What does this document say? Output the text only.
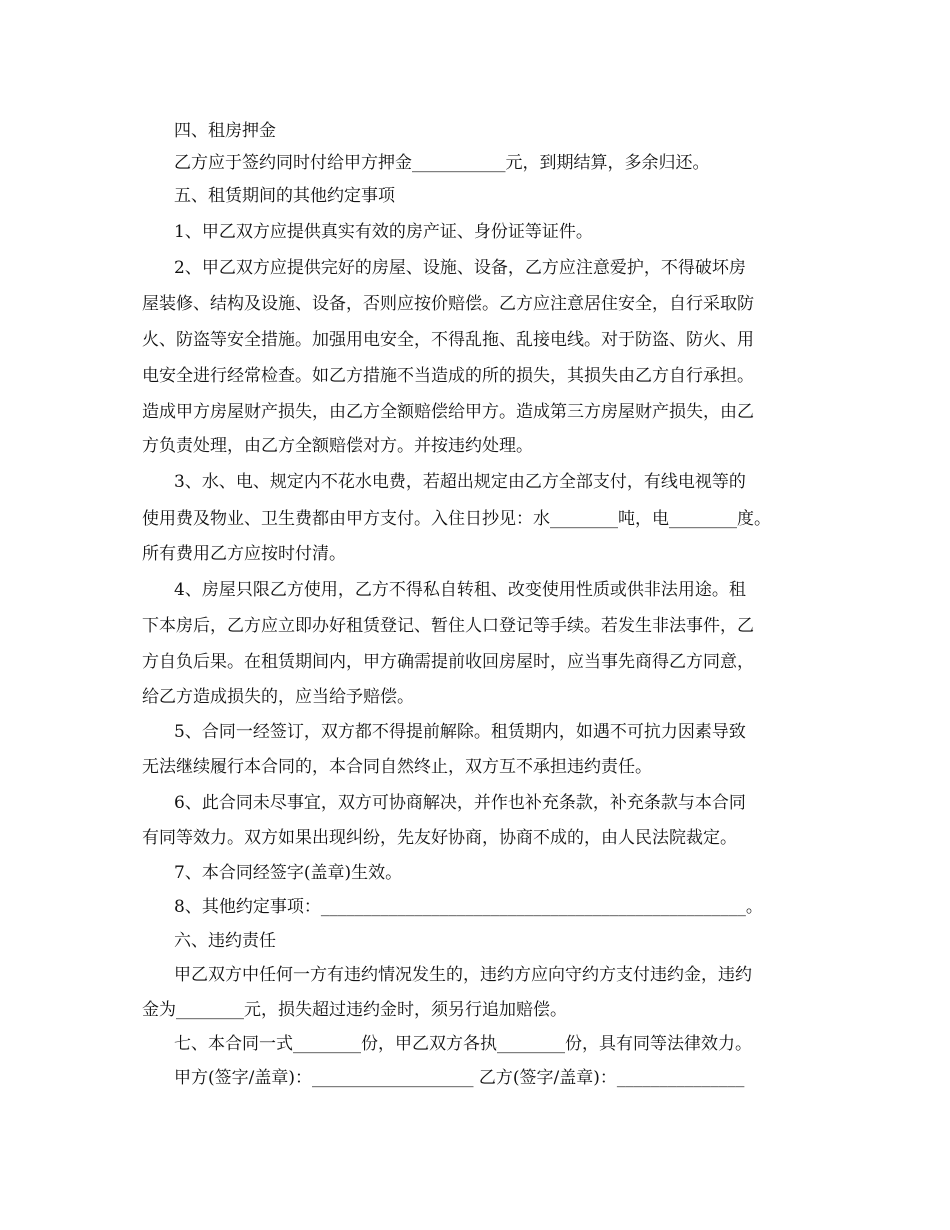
四、租房押金
乙方应于签约同时付给甲方押金___________元，到期结算，多余归还。
五、租赁期间的其他约定事项
1、甲乙双方应提供真实有效的房产证、身份证等证件。
2、甲乙双方应提供完好的房屋、设施、设备，乙方应注意爱护，不得破坏房
屋装修、结构及设施、设备，否则应按价赔偿。乙方应注意居住安全，自行采取防
火、防盗等安全措施。加强用电安全，不得乱拖、乱接电线。对于防盗、防火、用
电安全进行经常检查。如乙方措施不当造成的所的损失，其损失由乙方自行承担。
造成甲方房屋财产损失，由乙方全额赔偿给甲方。造成第三方房屋财产损失，由乙
方负责处理，由乙方全额赔偿对方。并按违约处理。
3、水、电、规定内不花水电费，若超出规定由乙方全部支付，有线电视等的
使用费及物业、卫生费都由甲方支付。入住日抄见：水________吨，电________度。
所有费用乙方应按时付清。
4、房屋只限乙方使用，乙方不得私自转租、改变使用性质或供非法用途。租
下本房后，乙方应立即办好租赁登记、暂住人口登记等手续。若发生非法事件，乙
方自负后果。在租赁期间内，甲方确需提前收回房屋时，应当事先商得乙方同意，
给乙方造成损失的，应当给予赔偿。
5、合同一经签订，双方都不得提前解除。租赁期内，如遇不可抗力因素导致
无法继续履行本合同的，本合同自然终止，双方互不承担违约责任。
6、此合同未尽事宜，双方可协商解决，并作也补充条款，补充条款与本合同
有同等效力。双方如果出现纠纷，先友好协商，协商不成的，由人民法院裁定。
7、本合同经签字(盖章)生效。
8、其他约定事项：__________________________________________________。
六、违约责任
甲乙双方中任何一方有违约情况发生的，违约方应向守约方支付违约金，违约
金为________元，损失超过违约金时，须另行追加赔偿。
七、本合同一式________份，甲乙双方各执________份，具有同等法律效力。
甲方(签字/盖章)：___________________ 乙方(签字/盖章)：_______________
